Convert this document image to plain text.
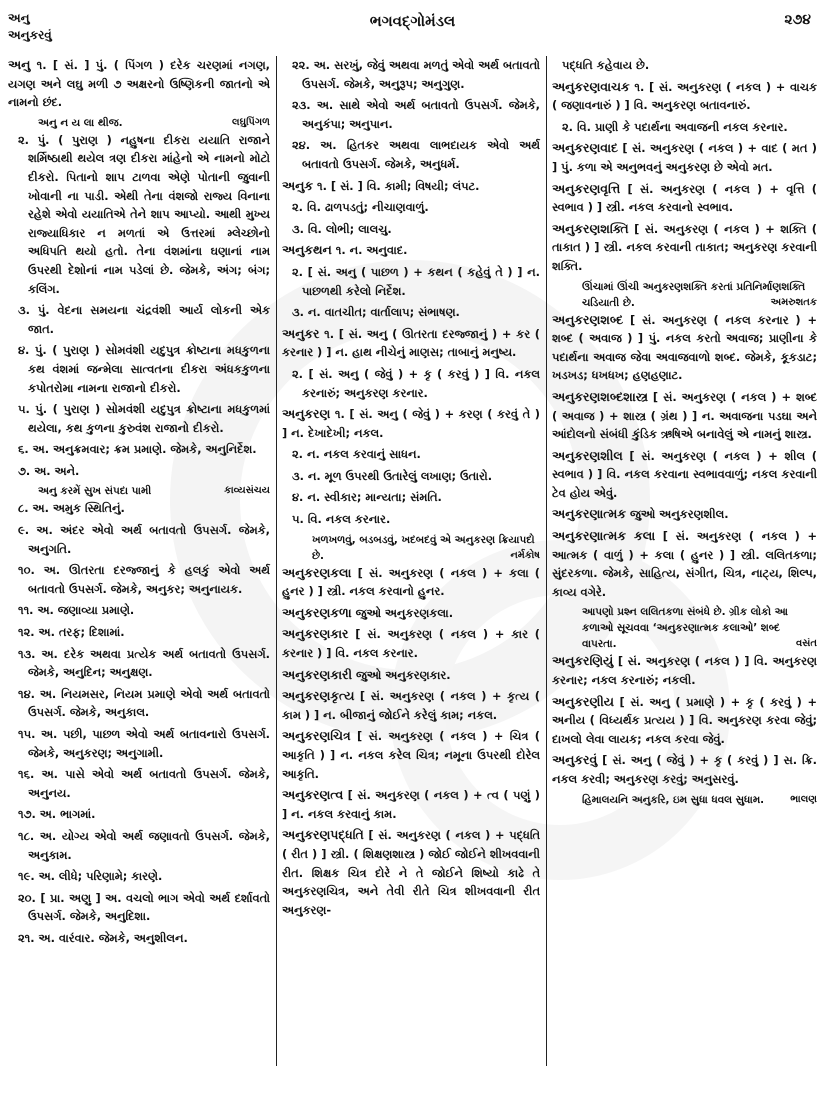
અનુ
અનુકરવું
ભગવદ્ગોમંડલ	૨૭૪
અનુ ૧. [ સં. ] પું. ( પિંગળ ) દરેક ચરણમાં નગણ, યગણ અને લઘુ મળી ૭ અક્ષરનો ઉષ્ણિકની જાતનો એ નામનો છંદ.
અનુ ન ય લા થીજ.	લઘુપિંગળ
૨. પું. ( પુરાણ ) નહુષના દીકરા યયાતિ રાજાને શર્મિષ્ઠાથી થયેલ ત્રણ દીકરા માંહેનો એ નામનો મોટો દીકરો. પિતાનો શાપ ટાળવા એણે પોતાની જુવાની ખોવાની ના પાડી. એથી તેના વંશજો રાજ્ય વિનાના રહેશે એવો યયાતિએ તેને શાપ આપ્યો. આથી મુખ્ય રાજ્યાધિકાર ન મળતાં એ ઉત્તરમાં મ્લેચ્છોનો અધિપતિ થયો હતો. તેના વંશમાંના ઘણાનાં નામ ઉપરથી દેશોનાં નામ પડેલાં છે. જેમકે, અંગ; બંગ; કલિંગ.
૩. પું. વેદના સમયના ચંદ્રવંશી આર્ય લોકની એક જાત.
૪. પું. ( પુરાણ ) સોમવંશી યદુપુત્ર ક્રોષ્ટાના મધકુળના કથ વંશમાં જન્મેલા સાત્વતના દીકરા અંધકકુળના કપોતરોમા નામના રાજાનો દીકરો.
૫. પું. ( પુરાણ ) સોમવંશી યદુપુત્ર ક્રોષ્ટાના મધકુળમાં થયેલા, કથ કુળના કુરુવંશ રાજાનો દીકરો.
૬. અ. અનુક્રમવાર; ક્રમ પ્રમાણે. જેમકે, અનુનિર્દેશ.
૭. અ. અને.
અનુ કરમેં સુખ સંપદા પામી	કાવ્યસંચય
૮. અ. અમુક સ્થિતિનું.
૯. અ. અંદર એવો અર્થ બતાવતો ઉપસર્ગ. જેમકે, અનુગતિ.
૧૦. અ. ઊતરતા દરજ્જાનું કે હલકું એવો અર્થ બતાવતો ઉપસર્ગ. જેમકે, અનુકર; અનુનાયક.
૧૧. અ. જણાવ્યા પ્રમાણે.
૧૨. અ. તરફ; દિશામાં.
૧૩. અ. દરેક અથવા પ્રત્યેક અર્થ બતાવતો ઉપસર્ગ. જેમકે, અનુદિન; અનુક્ષણ.
૧૪. અ. નિયમસર, નિયમ પ્રમાણે એવો અર્થ બતાવતો ઉપસર્ગ. જેમકે, અનુકાલ.
૧૫. અ. પછી, પાછળ એવો અર્થ બતાવનારો ઉપસર્ગ. જેમકે, અનુકરણ; અનુગામી.
૧૬. અ. પાસે એવો અર્થ બતાવતો ઉપસર્ગ. જેમકે, અનુનય.
૧૭. અ. ભાગમાં.
૧૮. અ. યોગ્ય એવો અર્થ જણાવતો ઉપસર્ગ. જેમકે, અનુકામ.
૧૯. અ. લીધે; પરિણામે; કારણે.
૨૦. [ પ્રા. અણુ ] અ. વચલો ભાગ એવો અર્થ દર્શાવતો ઉપસર્ગ. જેમકે, અનુદિશા.
૨૧. અ. વારંવાર. જેમકે, અનુશીલન.
૨૨. અ. સરખું, જેવું અથવા મળતું એવો અર્થ બતાવતો ઉપસર્ગ. જેમકે, અનુરૂપ; અનુગુણ.
૨૩. અ. સાથે એવો અર્થ બતાવતો ઉપસર્ગ. જેમકે, અનુકંપા; અનુપાન.
૨૪. અ. હિતકર અથવા લાભદાયક એવો અર્થ બતાવતો ઉપસર્ગ. જેમકે, અનુધર્મ.
અનુક ૧. [ સં. ] વિ. કામી; વિષયી; લંપટ.
૨. વિ. ઢાળપડતું; નીચાણવાળું.
૩. વિ. લોભી; લાલચુ.
અનુકથન ૧. ન. અનુવાદ.
૨. [ સં. અનુ ( પાછળ ) + કથન ( કહેવું તે ) ] ન. પાછળથી કરેલો નિર્દેશ.
૩. ન. વાતચીત; વાર્તાલાપ; સંભાષણ.
અનુકર ૧. [ સં. અનુ ( ઊતરતા દરજ્જાનું ) + કર ( કરનાર ) ] ન. હાથ નીચેનું માણસ; તાબાનું મનુષ્ય.
૨. [ સં. અનુ ( જેવું ) + કૃ ( કરવું ) ] વિ. નકલ કરનારું; અનુકરણ કરનાર.
અનુકરણ ૧. [ સં. અનુ ( જેવું ) + કરણ ( કરવું તે ) ] ન. દેખાદેખી; નકલ.
૨. ન. નકલ કરવાનું સાધન.
૩. ન. મૂળ ઉપરથી ઉતારેલું લખાણ; ઉતારો.
૪. ન. સ્વીકાર; માન્યતા; સંમતિ.
૫. વિ. નકલ કરનાર.
ખળખળવું, બડબડવું, ખદબદવું એ અનુકરણ ક્રિયાપદો છે.	નર્મકોષ
અનુકરણકલા [ સં. અનુકરણ ( નકલ ) + કલા ( હુનર ) ] સ્ત્રી. નકલ કરવાનો હુનર.
અનુકરણકળા જુઓ અનુકરણકલા.
અનુકરણકાર [ સં. અનુકરણ ( નકલ ) + કાર ( કરનાર ) ] વિ. નકલ કરનાર.
અનુકરણકારી જુઓ અનુકરણકાર.
અનુકરણકૃત્ય [ સં. અનુકરણ ( નકલ ) + કૃત્ય ( કામ ) ] ન. બીજાનું જોઈને કરેલું કામ; નકલ.
અનુકરણચિત્ર [ સં. અનુકરણ ( નકલ ) + ચિત્ર ( આકૃતિ ) ] ન. નકલ કરેલ ચિત્ર; નમૂના ઉપરથી દોરેલ આકૃતિ.
અનુકરણત્વ [ સં. અનુકરણ ( નકલ ) + ત્વ ( પણું ) ] ન. નકલ કરવાનું કામ.
અનુકરણપદ્ધતિ [ સં. અનુકરણ ( નકલ ) + પદ્ધતિ ( રીત ) ] સ્ત્રી. ( શિક્ષણશાસ્ત્ર ) જોઈ જોઈને શીખવવાની રીત. શિક્ષક ચિત્ર દોરે ને તે જોઈને શિષ્યો કાઢે તે અનુકરણચિત્ર, અને તેવી રીતે ચિત્ર શીખવવાની રીત અનુકરણ-
પદ્ધતિ કહેવાય છે.
અનુકરણવાચક ૧. [ સં. અનુકરણ ( નકલ ) + વાચક ( જણાવનારું ) ] વિ. અનુકરણ બતાવનારું.
૨. વિ. પ્રાણી કે પદાર્થના અવાજની નકલ કરનાર.
અનુકરણવાદ [ સં. અનુકરણ ( નકલ ) + વાદ ( મત ) ] પું. કળા એ અનુભવનું અનુકરણ છે એવો મત.
અનુકરણવૃત્તિ [ સં. અનુકરણ ( નકલ ) + વૃત્તિ ( સ્વભાવ ) ] સ્ત્રી. નકલ કરવાનો સ્વભાવ.
અનુકરણશક્તિ [ સં. અનુકરણ ( નકલ ) + શક્તિ ( તાકાત ) ] સ્ત્રી. નકલ કરવાની તાકાત; અનુકરણ કરવાની શક્તિ.
ઊંચામાં ઊંચી અનુકરણશક્તિ કરતાં પ્રતિનિર્માણશક્તિ ચડિયાતી છે.	અમરુશતક
અનુકરણશબ્દ [ સં. અનુકરણ ( નકલ કરનાર ) + શબ્દ ( અવાજ ) ] પું. નકલ કરતો અવાજ; પ્રાણીના કે પદાર્થના અવાજ જેવા અવાજવાળો શબ્દ. જેમકે, કૂકડાટ; ખડખડ; ધખધખ; હણહણાટ.
અનુકરણશબ્દશાસ્ત્ર [ સં. અનુકરણ ( નકલ ) + શબ્દ ( અવાજ ) + શાસ્ત્ર ( ગ્રંથ ) ] ન. અવાજના પડઘા અને આંદોલનો સંબંધી કુંડિક ઋષિએ બનાવેલું એ નામનું શાસ્ત્ર.
અનુકરણશીલ [ સં. અનુકરણ ( નકલ ) + શીલ ( સ્વભાવ ) ] વિ. નકલ કરવાના સ્વભાવવાળું; નકલ કરવાની ટેવ હોય એવું.
અનુકરણાત્મક જુઓ અનુકરણશીલ.
અનુકરણાત્મક કલા [ સં. અનુકરણ ( નકલ ) + આત્મક ( વાળું ) + કલા ( હુનર ) ] સ્ત્રી. લલિતકળા; સુંદરકળા. જેમકે, સાહિત્ય, સંગીત, ચિત્ર, નાટ્ય, શિલ્પ, કાવ્ય વગેરે.
આપણો પ્રશ્ન લલિતકળા સંબંધે છે. ગ્રીક લોકો આ કળાઓ સૂચવવા ‘અનુકરણાત્મક કલાઓ’ શબ્દ વાપરતા.	વસંત
અનુકરણિયું [ સં. અનુકરણ ( નકલ ) ] વિ. અનુકરણ કરનાર; નકલ કરનારું; નકલી.
અનુકરણીય [ સં. અનુ ( પ્રમાણે ) + કૃ ( કરવું ) + અનીય ( વિધ્યર્થક પ્રત્યય ) ] વિ. અનુકરણ કરવા જેવું; દાખલો લેવા લાયક; નકલ કરવા જેવું.
અનુકરવું [ સં. અનુ ( જેવું ) + કૃ ( કરવું ) ] સ. ક્રિ. નકલ કરવી; અનુકરણ કરવું; અનુસરવું.
હિમાલયનિ અનુકરિ, ઇમ સુધા ધવલ સુધામ.	ભાલણ
